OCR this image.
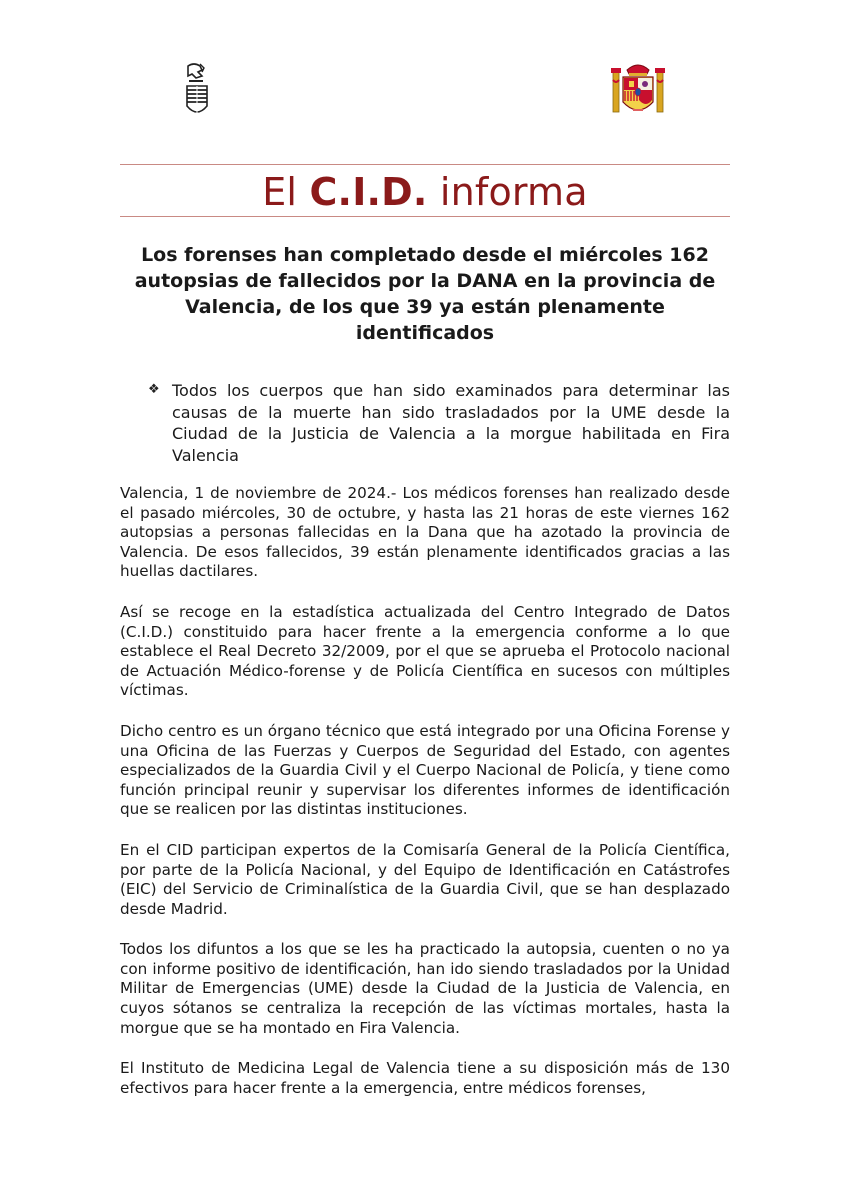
El C.I.D. informa
Los forenses han completado desde el miércoles 162 autopsias de fallecidos por la DANA en la provincia de Valencia, de los que 39 ya están plenamente identificados
❖ Todos los cuerpos que han sido examinados para determinar las causas de la muerte han sido trasladados por la UME desde la Ciudad de la Justicia de Valencia a la morgue habilitada en Fira Valencia

Valencia, 1 de noviembre de 2024.- Los médicos forenses han realizado desde el pasado miércoles, 30 de octubre, y hasta las 21 horas de este viernes 162 autopsias a personas fallecidas en la Dana que ha azotado la provincia de Valencia. De esos fallecidos, 39 están plenamente identificados gracias a las huellas dactilares.

Así se recoge en la estadística actualizada del Centro Integrado de Datos (C.I.D.) constituido para hacer frente a la emergencia conforme a lo que establece el Real Decreto 32/2009, por el que se aprueba el Protocolo nacional de Actuación Médico-forense y de Policía Científica en sucesos con múltiples víctimas.

Dicho centro es un órgano técnico que está integrado por una Oficina Forense y una Oficina de las Fuerzas y Cuerpos de Seguridad del Estado, con agentes especializados de la Guardia Civil y el Cuerpo Nacional de Policía, y tiene como función principal reunir y supervisar los diferentes informes de identificación que se realicen por las distintas instituciones.

En el CID participan expertos de la Comisaría General de la Policía Científica, por parte de la Policía Nacional, y del Equipo de Identificación en Catástrofes (EIC) del Servicio de Criminalística de la Guardia Civil, que se han desplazado desde Madrid.

Todos los difuntos a los que se les ha practicado la autopsia, cuenten o no ya con informe positivo de identificación, han ido siendo trasladados por la Unidad Militar de Emergencias (UME) desde la Ciudad de la Justicia de Valencia, en cuyos sótanos se centraliza la recepción de las víctimas mortales, hasta la morgue que se ha montado en Fira Valencia.

El Instituto de Medicina Legal de Valencia tiene a su disposición más de 130 efectivos para hacer frente a la emergencia, entre médicos forenses,
